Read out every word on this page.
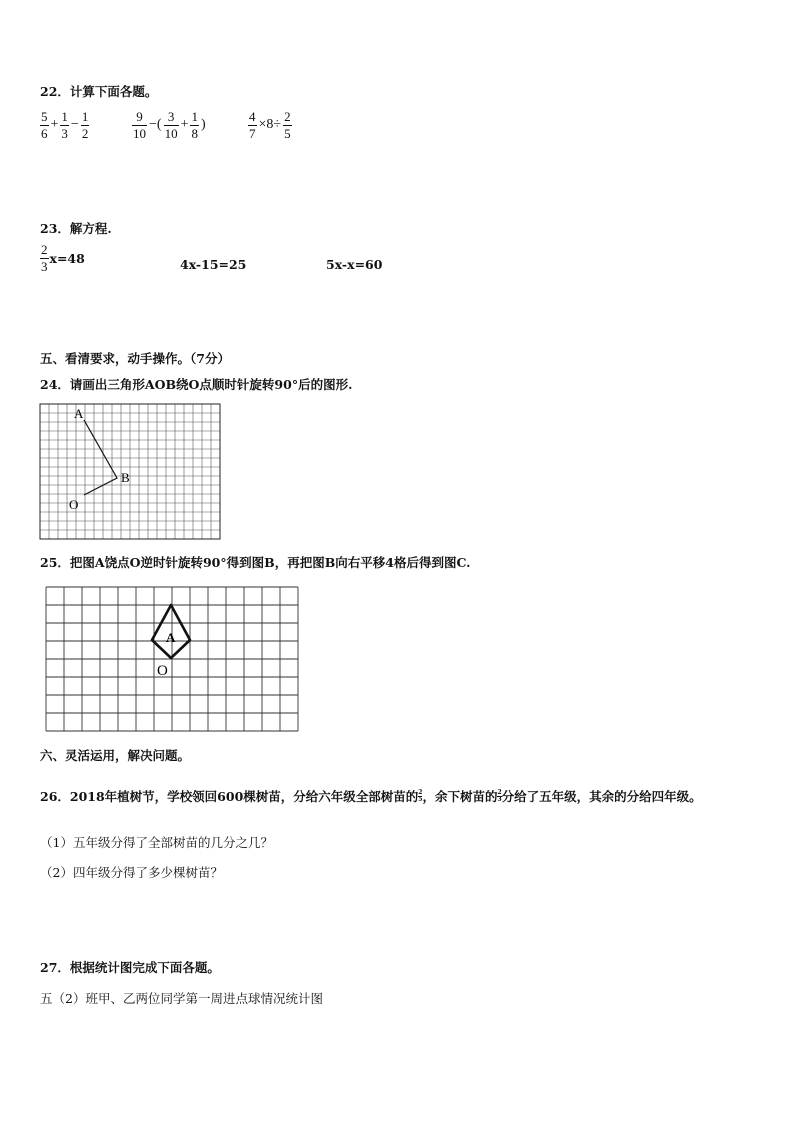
22．计算下面各题。
$\frac{5}{6} + \frac{1}{3} - \frac{1}{2}$	$\frac{9}{10}$ −( $\frac{3}{10} + \frac{1}{8}$ )	$\frac{4}{7} \times 8\div \frac{2}{5}$
23．解方程.
$\frac{2}{3} x=48$	4x-15=25	5x-x=60
五、看清要求，动手操作。（7分）
24．请画出三角形AOB绕O点顺时针旋转90°后的图形.
A
B
O
25．把图A饶点O逆时针旋转90°得到图B，再把图B向右平移4格后得到图C.
A
O
六、灵活运用，解决问题。
26．2018年植树节，学校领回600棵树苗，分给六年级全部树苗的 $\frac{2}{5}$ ，余下树苗的 $\frac{2}{3}$ 分给了五年级，其余的分给四年级。
（1）五年级分得了全部树苗的几分之几？
（2）四年级分得了多少棵树苗？
27．根据统计图完成下面各题。
五（2）班甲、乙两位同学第一周进点球情况统计图
